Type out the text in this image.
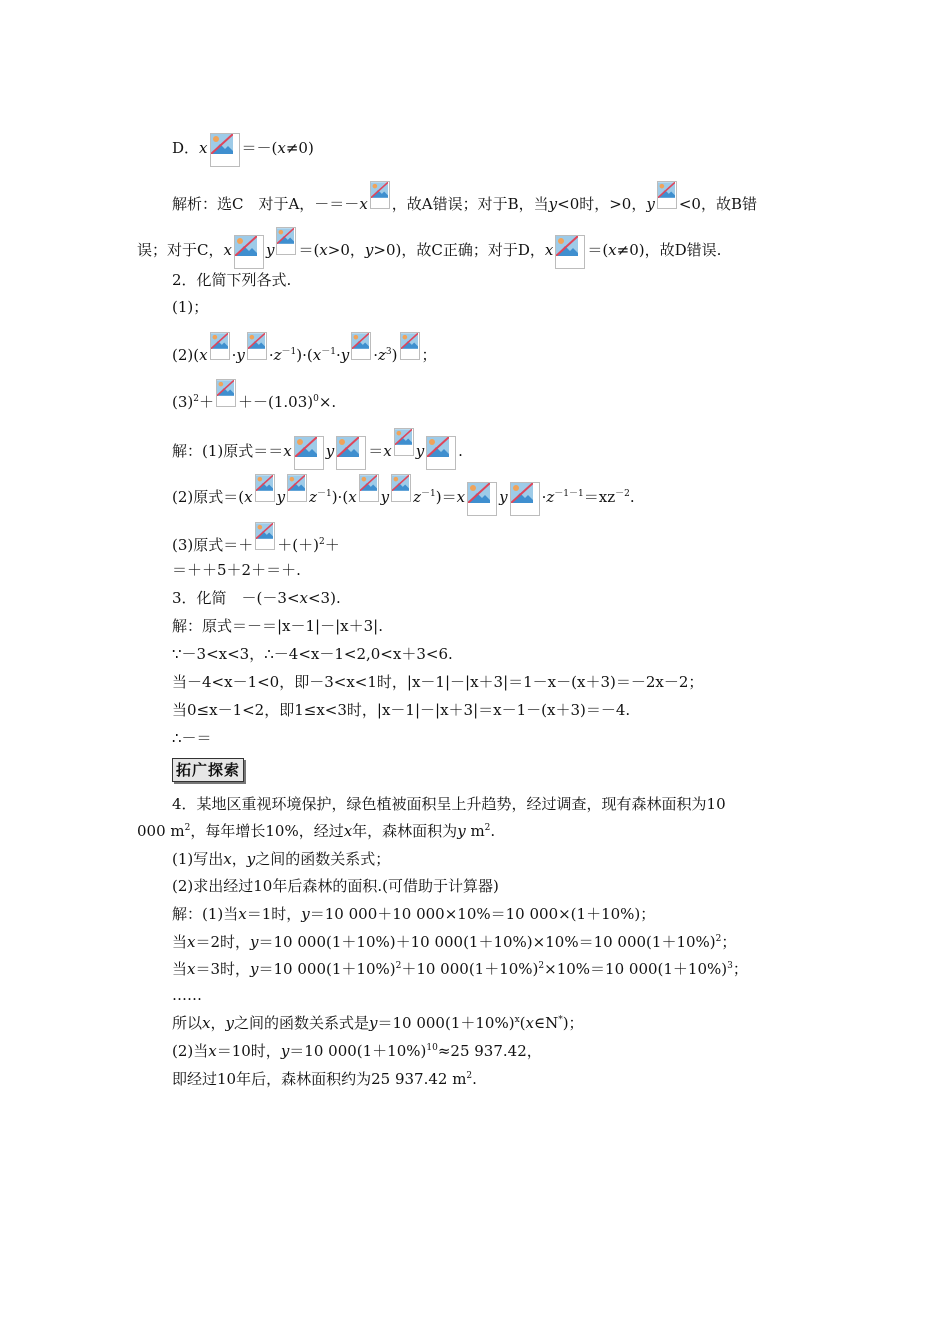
D．x ＝－(x≠0)
解析：选C　对于A，－＝－x ，故A错误；对于B，当y<0时，>0，y <0，故B错
误；对于C，x y ＝(x>0，y>0)，故C正确；对于D，x ＝(x≠0)，故D错误.
2．化简下列各式.
(1)；
$(2)(x \cdot y \cdot z^{-1})\cdot(x^{-1}\cdot y \cdot z^3)$ ；
$(3)^2+ +-(1.03)^0\times$.
解：(1)原式＝＝x y ＝x y .
(2)原式＝(x y $z^{-1})\cdot(x$ y $z^{-1})=x$ $y \cdot z^{-1-1}=xz^{-2}$.
(3)原式＝＋ $+(+)^2+$
＝＋＋5＋2＋＝＋.
3．化简　－(－3<x<3).
解：原式＝－＝|x－1|－|x＋3|.
∵－3<x<3，∴－4<x－1<2,0<x＋3<6.
当－4<x－1<0，即－3<x<1时，|x－1|－|x＋3|＝1－x－(x＋3)＝－2x－2；
当0≤x－1<2，即1≤x<3时，|x－1|－|x＋3|＝x－1－(x＋3)＝－4.
∴－＝
拓广探索
4．某地区重视环境保护，绿色植被面积呈上升趋势，经过调查，现有森林面积为10
000 $m^2$，每年增长10%，经过x年，森林面积为y $m^2$.
(1)写出x，y之间的函数关系式；
(2)求出经过10年后森林的面积.(可借助于计算器)
解：(1)当x＝1时，y＝10 000＋10 000×10%＝10 000×(1＋10%)；
当x＝2时，y＝10 000(1＋10%)＋10 000(1＋10%)×10%＝10 $000(1+10\%)^2$；
当x＝3时，y＝10 $000(1+10\%)^2+10$ $000(1+10\%)^2\times 10\%=10$ $000(1+10\%)^3$；
……
所以x，y之间的函数关系式是y＝10 $000(1+10\%)^x(x\in N^*)$；
(2)当x＝10时，y＝10 $000(1+10\%)^{10}\approx 25$ 937.42，
即经过10年后，森林面积约为25 937.42 $m^2$.
